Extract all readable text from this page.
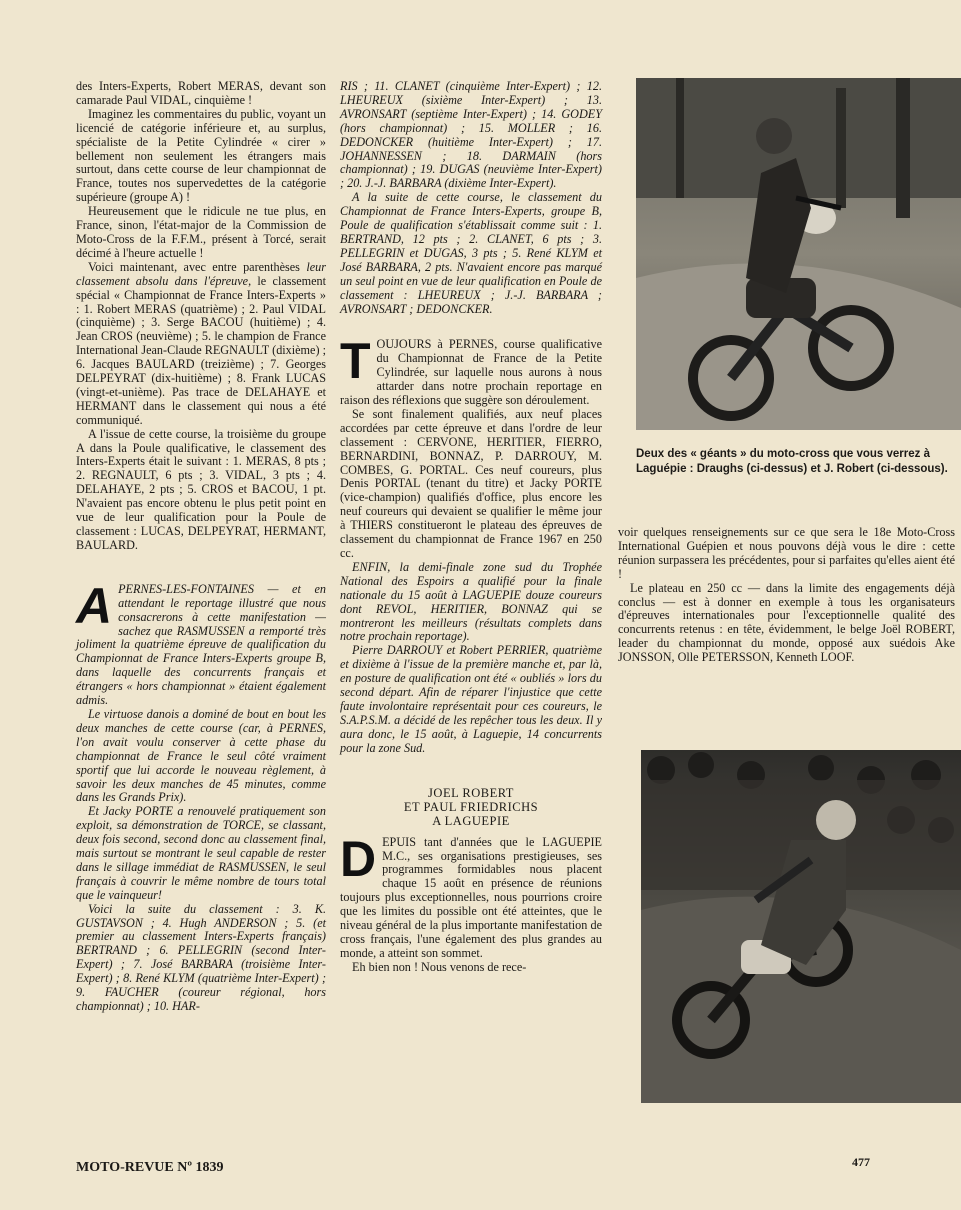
des Inters-Experts, Robert MERAS, devant son camarade Paul VIDAL, cinquième !

Imaginez les commentaires du public, voyant un licencié de catégorie inférieure et, au surplus, spécialiste de la Petite Cylindrée « cirer » bellement non seulement les étrangers mais surtout, dans cette course de leur championnat de France, toutes nos supervedettes de la catégorie supérieure (groupe A) !

Heureusement que le ridicule ne tue plus, en France, sinon, l'état-major de la Commission de Moto-Cross de la F.F.M., présent à Torcé, serait décimé à l'heure actuelle !

Voici maintenant, avec entre parenthèses leur classement absolu dans l'épreuve, le classement spécial « Championnat de France Inters-Experts » : 1. Robert MERAS (quatrième) ; 2. Paul VIDAL (cinquième) ; 3. Serge BACOU (huitième) ; 4. Jean CROS (neuvième) ; 5. le champion de France International Jean-Claude REGNAULT (dixième) ; 6. Jacques BAULARD (treizième) ; 7. Georges DELPEYRAT (dix-huitième) ; 8. Frank LUCAS (vingt-et-unième). Pas trace de DELAHAYE et HERMANT dans le classement qui nous a été communiqué.

A l'issue de cette course, la troisième du groupe A dans la Poule qualificative, le classement des Inters-Experts était le suivant : 1. MERAS, 8 pts ; 2. REGNAULT, 6 pts ; 3. VIDAL, 3 pts ; 4. DELAHAYE, 2 pts ; 5. CROS et BACOU, 1 pt. N'avaient pas encore obtenu le plus petit point en vue de leur qualification pour la Poule de classement : LUCAS, DELPEYRAT, HERMANT, BAULARD.

APERNES-LES-FONTAINES — et en attendant le reportage illustré que nous consacrerons à cette manifestation — sachez que RASMUSSEN a remporté très joliment la quatrième épreuve de qualification du Championnat de France Inters-Experts groupe B, dans laquelle des concurrents français et étrangers « hors championnat » étaient également admis.

Le virtuose danois a dominé de bout en bout les deux manches de cette course (car, à PERNES, l'on avait voulu conserver à cette phase du championnat de France le seul côté vraiment sportif que lui accorde le nouveau règlement, à savoir les deux manches de 45 minutes, comme dans les Grands Prix).

Et Jacky PORTE a renouvelé pratiquement son exploit, sa démonstration de TORCE, se classant, deux fois second, second donc au classement final, mais surtout se montrant le seul capable de rester dans le sillage immédiat de RASMUSSEN, le seul français à couvrir le même nombre de tours total que le vainqueur!

Voici la suite du classement : 3. K. GUSTAVSON ; 4. Hugh ANDERSON ; 5. (et premier au classement Inters-Experts français) BERTRAND ; 6. PELLEGRIN (second Inter-Expert) ; 7. José BARBARA (troisième Inter-Expert) ; 8. René KLYM (quatrième Inter-Expert) ; 9. FAUCHER (coureur régional, hors championnat) ; 10. HAR-

RIS ; 11. CLANET (cinquième Inter-Expert) ; 12. LHEUREUX (sixième Inter-Expert) ; 13. AVRONSART (septième Inter-Expert) ; 14. GODEY (hors championnat) ; 15. MOLLER ; 16. DEDONCKER (huitième Inter-Expert) ; 17. JOHANNESSEN ; 18. DARMAIN (hors championnat) ; 19. DUGAS (neuvième Inter-Expert) ; 20. J.-J. BARBARA (dixième Inter-Expert).

A la suite de cette course, le classement du Championnat de France Inters-Experts, groupe B, Poule de qualification s'établissait comme suit : 1. BERTRAND, 12 pts ; 2. CLANET, 6 pts ; 3. PELLEGRIN et DUGAS, 3 pts ; 5. René KLYM et José BARBARA, 2 pts. N'avaient encore pas marqué un seul point en vue de leur qualification en Poule de classement : LHEUREUX ; J.-J. BARBARA ; AVRONSART ; DEDONCKER.

TOUJOURS à PERNES, course qualificative du Championnat de France de la Petite Cylindrée, sur laquelle nous aurons à nous attarder dans notre prochain reportage en raison des réflexions que suggère son déroulement.

Se sont finalement qualifiés, aux neuf places accordées par cette épreuve et dans l'ordre de leur classement : CERVONE, HERITIER, FIERRO, BERNARDINI, BONNAZ, P. DARROUY, M. COMBES, G. PORTAL. Ces neuf coureurs, plus Denis PORTAL (tenant du titre) et Jacky PORTE (vice-champion) qualifiés d'office, plus encore les neuf coureurs qui devaient se qualifier le même jour à THIERS constitueront le plateau des épreuves de classement du championnat de France 1967 en 250 cc.

ENFIN, la demi-finale zone sud du Trophée National des Espoirs a qualifié pour la finale nationale du 15 août à LAGUEPIE douze coureurs dont REVOL, HERITIER, BONNAZ qui se montreront les meilleurs (résultats complets dans notre prochain reportage).

Pierre DARROUY et Robert PERRIER, quatrième et dixième à l'issue de la première manche et, par là, en posture de qualification ont été « oubliés » lors du second départ. Afin de réparer l'injustice que cette faute involontaire représentait pour ces coureurs, le S.A.P.S.M. a décidé de les repêcher tous les deux. Il y aura donc, le 15 août, à Laguepie, 14 concurrents pour la zone Sud.

JOEL ROBERT
ET PAUL FRIEDRICHS
A LAGUEPIE

DEPUIS tant d'années que le LAGUEPIE M.C., ses organisations prestigieuses, ses programmes formidables nous placent chaque 15 août en présence de réunions toujours plus exceptionnelles, nous pourrions croire que les limites du possible ont été atteintes, que le niveau général de la plus importante manifestation de cross français, l'une également des plus grandes au monde, a atteint son sommet.

Eh bien non ! Nous venons de rece-

Deux des « géants » du moto-cross que vous verrez à Laguépie : Draughs (ci-dessus) et J. Robert (ci-dessous).

voir quelques renseignements sur ce que sera le 18e Moto-Cross International Guépien et nous pouvons déjà vous le dire : cette réunion surpassera les précédentes, pour si parfaites qu'elles aient été !

Le plateau en 250 cc — dans la limite des engagements déjà conclus — est à donner en exemple à tous les organisateurs d'épreuves internationales pour l'exceptionnelle qualité des concurrents retenus : en tête, évidemment, le belge Joël ROBERT, leader du championnat du monde, opposé aux suédois Ake JONSSON, Olle PETERSSON, Kenneth LOOF.

MOTO-REVUE Nº 1839	477
